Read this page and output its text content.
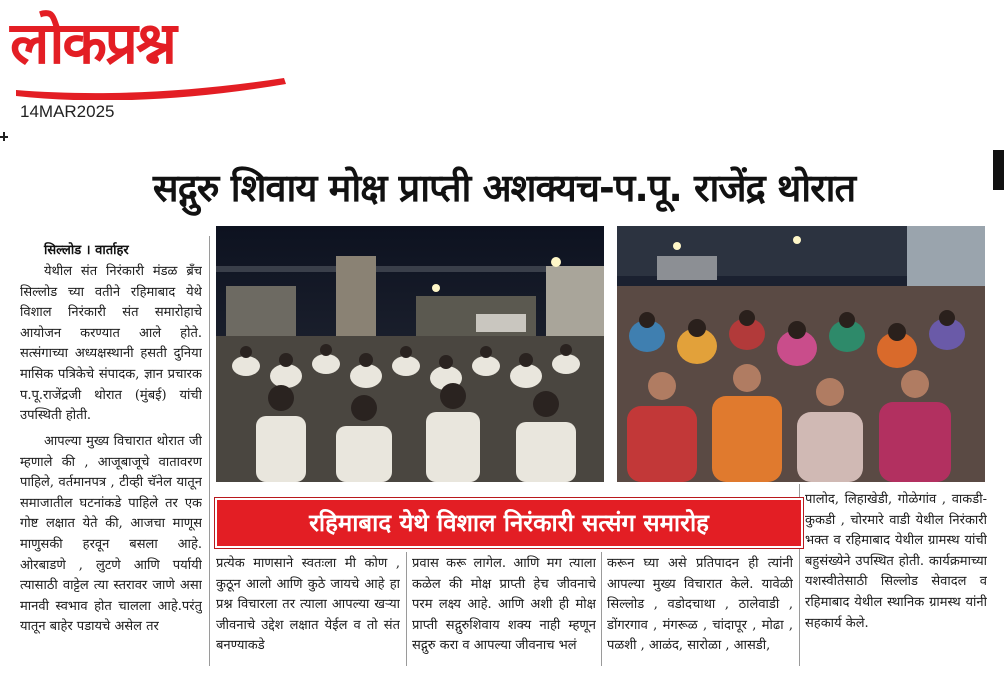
लोकप्रश्न
14MAR2025
सद्गुरु शिवाय मोक्ष प्राप्ती अशक्यच-प.पू. राजेंद्र थोरात
सिल्लोड । वार्ताहर
येथील संत निरंकारी मंडळ ब्रँच सिल्लोड च्या वतीने रहिमाबाद येथे विशाल निरंकारी संत समारोहाचे आयोजन करण्यात आले होते. सत्संगाच्या अध्यक्षस्थानी हसती दुनिया मासिक पत्रिकेचे संपादक, ज्ञान प्रचारक प.पू.राजेंद्रजी थोरात (मुंबई) यांची उपस्थिती होती.
आपल्या मुख्य विचारात थोरात जी म्हणाले की , आजूबाजूचे वातावरण पाहिले, वर्तमानपत्र , टीव्ही चॅनेल यातून समाजातील घटनांकडे पाहिले तर एक गोष्ट लक्षात येते की, आजचा माणूस माणुसकी हरवून बसला आहे. ओरबाडणे , लुटणे आणि पर्यायी त्यासाठी वाट्टेल त्या स्तरावर जाणे असा मानवी स्वभाव होत चालला आहे.परंतु यातून बाहेर पडायचे असेल तर
रहिमाबाद येथे विशाल निरंकारी सत्संग समारोह
प्रत्येक माणसाने स्वतःला मी कोण , कुठून आलो आणि कुठे जायचे आहे हा प्रश्न विचारला तर त्याला आपल्या खऱ्या जीवनाचे उद्देश लक्षात येईल व तो संत बनण्याकडे
प्रवास करू लागेल. आणि मग त्याला कळेल की मोक्ष प्राप्ती हेच जीवनाचे परम लक्ष्य आहे. आणि अशी ही मोक्ष प्राप्ती सद्गुरुशिवाय शक्य नाही म्हणून सद्गुरु करा व आपल्या जीवनाच भलं
करून घ्या असे प्रतिपादन ही त्यांनी आपल्या मुख्य विचारात केले. यावेळी सिल्लोड , वडोदचाथा , ठालेवाडी , डोंगरगाव , मंगरूळ , चांदापूर , मोढा , पळशी , आळंद, सारोळा , आसडी,
पालोद, लिहाखेडी, गोळेगांव , वाकडी-कुकडी , चोरमारे वाडी येथील निरंकारी भक्त व रहिमाबाद येथील ग्रामस्थ यांची बहुसंख्येने उपस्थित होती. कार्यक्रमाच्या यशस्वीतेसाठी सिल्लोड सेवादल व रहिमाबाद येथील स्थानिक ग्रामस्थ यांनी सहकार्य केले.
